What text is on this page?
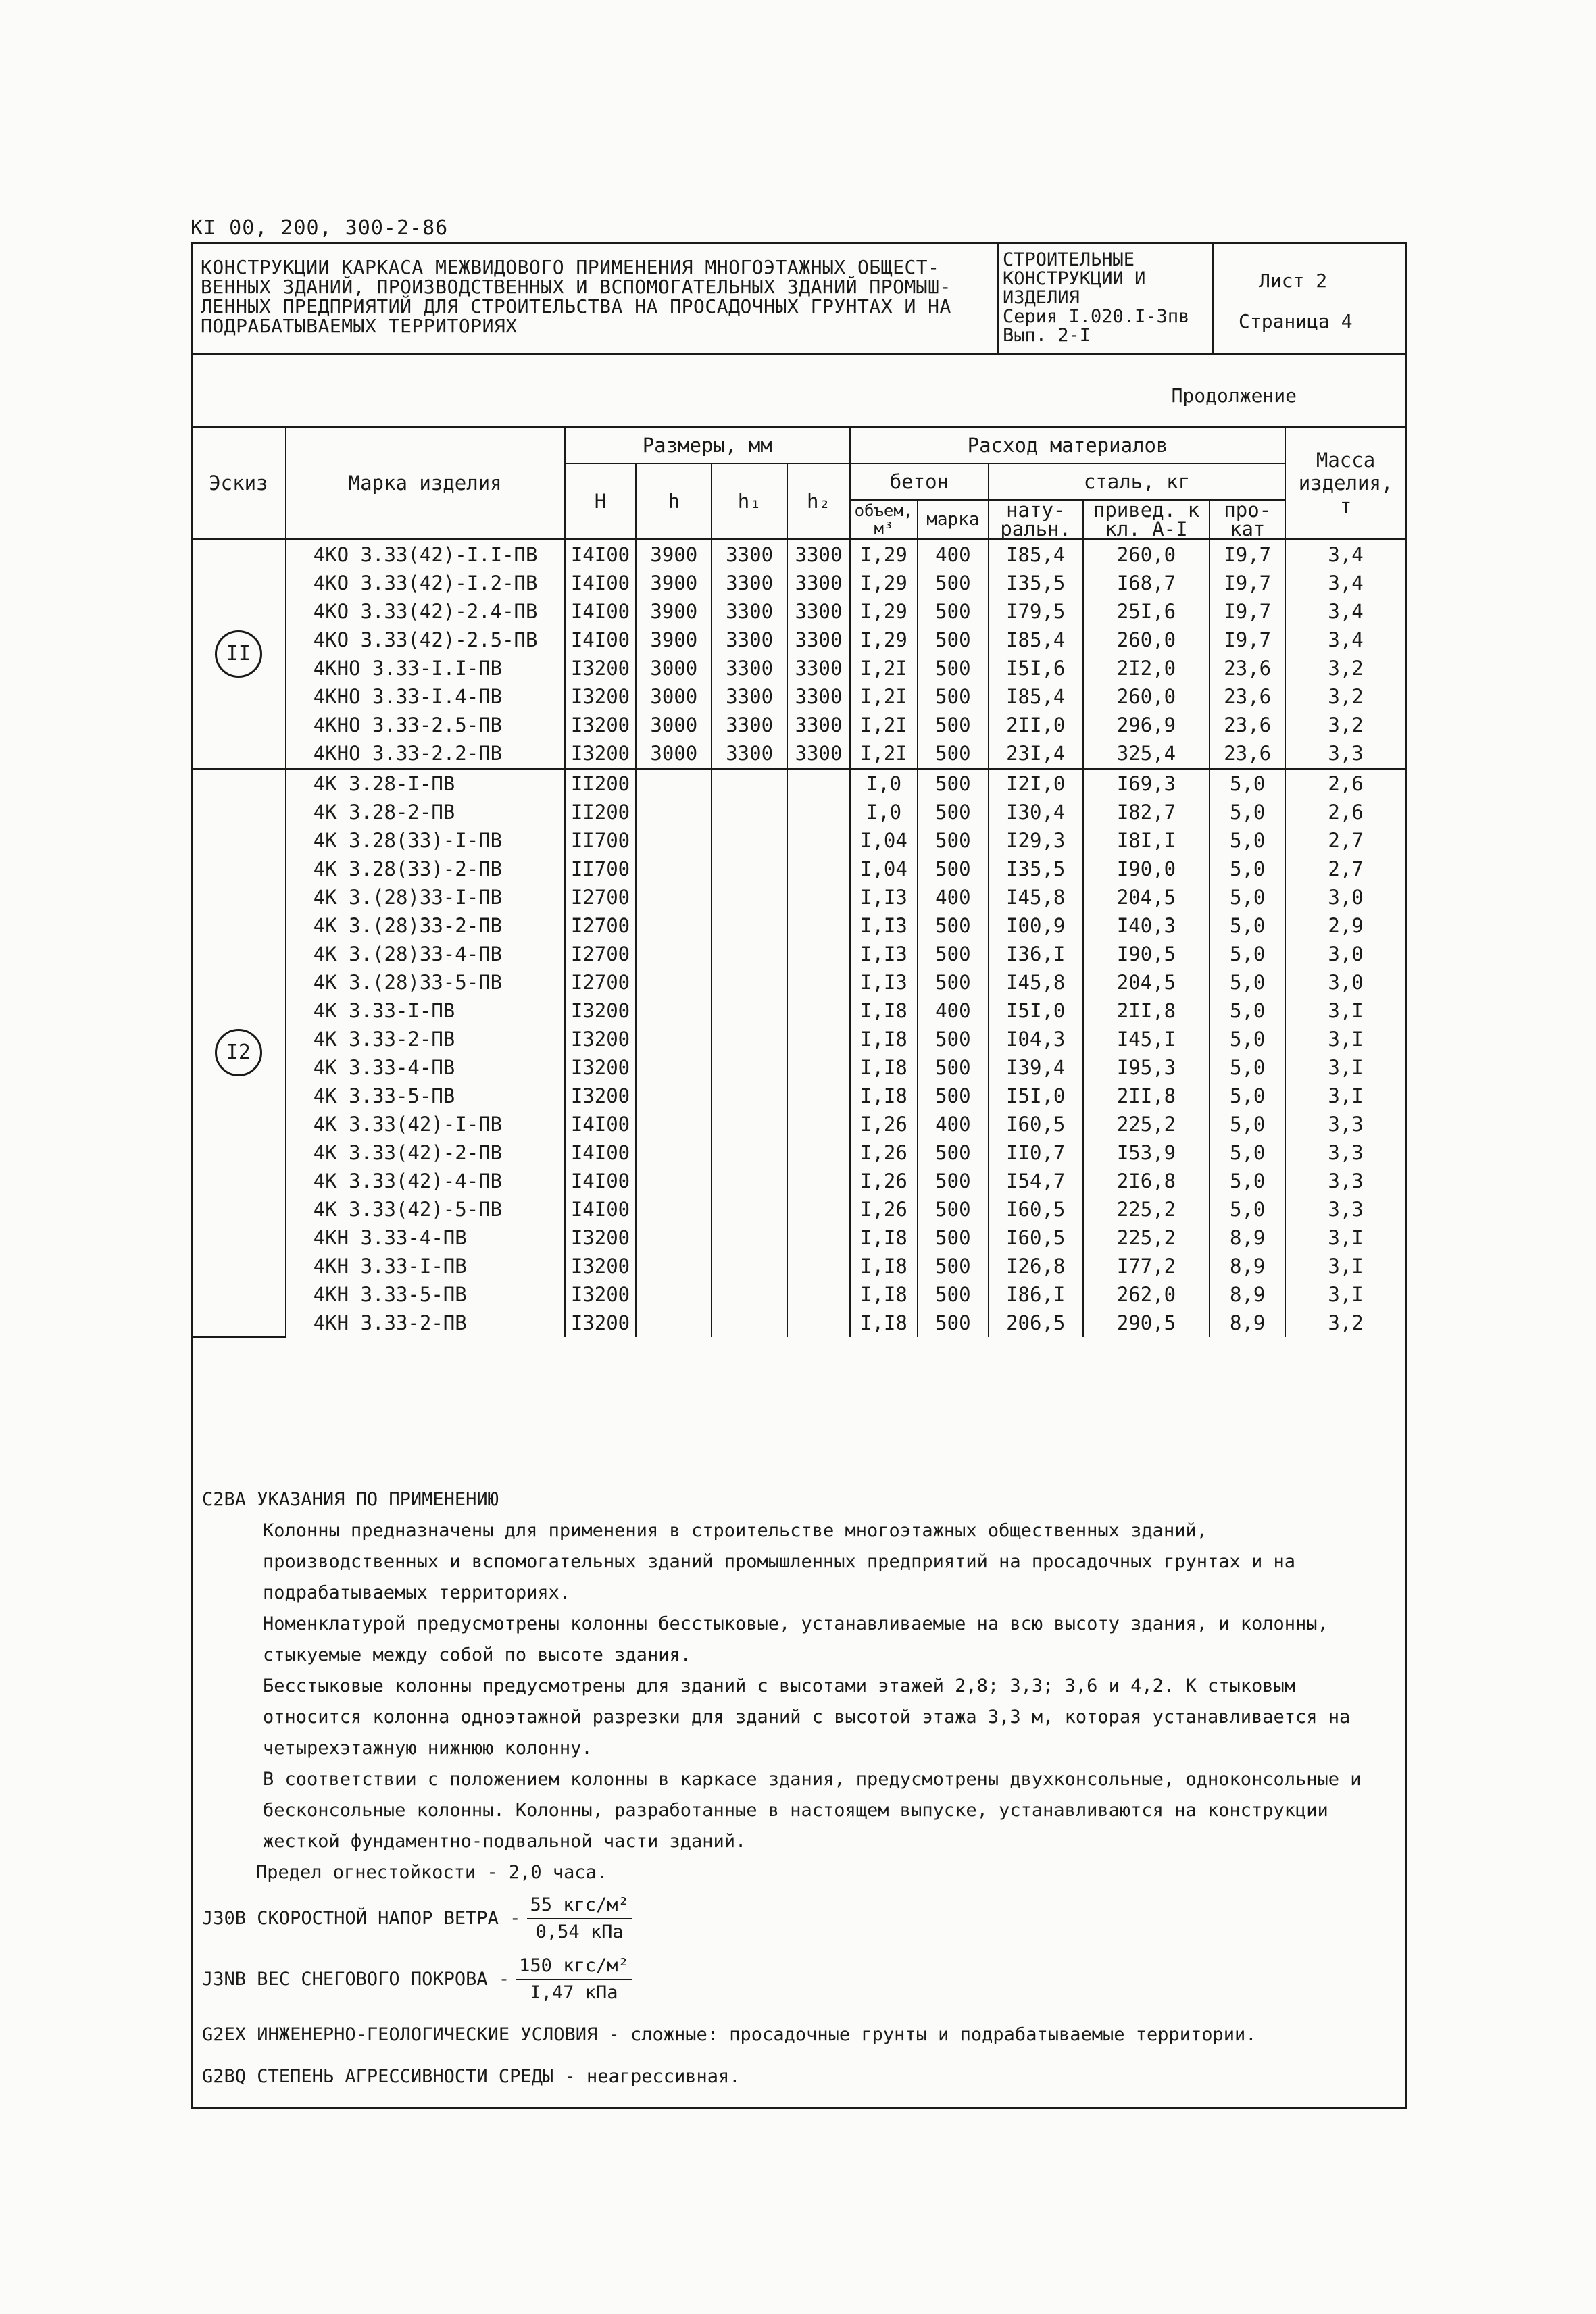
КI 00, 200, 300-2-86
КОНСТРУКЦИИ КАРКАСА МЕЖВИДОВОГО ПРИМЕНЕНИЯ МНОГОЭТАЖНЫХ ОБЩЕСТ-
ВЕННЫХ ЗДАНИЙ, ПРОИЗВОДСТВЕННЫХ И ВСПОМОГАТЕЛЬНЫХ ЗДАНИЙ ПРОМЫШ-
ЛЕННЫХ ПРЕДПРИЯТИЙ ДЛЯ СТРОИТЕЛЬСТВА НА ПРОСАДОЧНЫХ ГРУНТАХ И НА
ПОДРАБАТЫВАЕМЫХ ТЕРРИТОРИЯХ
СТРОИТЕЛЬНЫЕ
КОНСТРУКЦИИ И
ИЗДЕЛИЯ
Серия I.020.I-3пв
Вып. 2-I
Лист 2
Страница 4
Продолжение
Эскиз	Марка изделия	Размеры, мм				Расход материалов					Масса изделия, т
		H	h	h₁	h₂	бетон		сталь, кг			
						объем, м³	марка	нату- ральн.	привед. к кл. А-I	про- кат	
II	4КО 3.33(42)-I.I-ПВ	I4I00	3900	3300	3300	I,29	400	I85,4	260,0	I9,7	3,4
	4КО 3.33(42)-I.2-ПВ	I4I00	3900	3300	3300	I,29	500	I35,5	I68,7	I9,7	3,4
	4КО 3.33(42)-2.4-ПВ	I4I00	3900	3300	3300	I,29	500	I79,5	25I,6	I9,7	3,4
	4КО 3.33(42)-2.5-ПВ	I4I00	3900	3300	3300	I,29	500	I85,4	260,0	I9,7	3,4
	4КНО 3.33-I.I-ПВ	I3200	3000	3300	3300	I,2I	500	I5I,6	2I2,0	23,6	3,2
	4КНО 3.33-I.4-ПВ	I3200	3000	3300	3300	I,2I	500	I85,4	260,0	23,6	3,2
	4КНО 3.33-2.5-ПВ	I3200	3000	3300	3300	I,2I	500	2II,0	296,9	23,6	3,2
	4КНО 3.33-2.2-ПВ	I3200	3000	3300	3300	I,2I	500	23I,4	325,4	23,6	3,3
I2	4К 3.28-I-ПВ	II200				I,0	500	I2I,0	I69,3	5,0	2,6
	4К 3.28-2-ПВ	II200				I,0	500	I30,4	I82,7	5,0	2,6
	4К 3.28(33)-I-ПВ	II700				I,04	500	I29,3	I8I,I	5,0	2,7
	4К 3.28(33)-2-ПВ	II700				I,04	500	I35,5	I90,0	5,0	2,7
	4К 3.(28)33-I-ПВ	I2700				I,I3	400	I45,8	204,5	5,0	3,0
	4К 3.(28)33-2-ПВ	I2700				I,I3	500	I00,9	I40,3	5,0	2,9
	4К 3.(28)33-4-ПВ	I2700				I,I3	500	I36,I	I90,5	5,0	3,0
	4К 3.(28)33-5-ПВ	I2700				I,I3	500	I45,8	204,5	5,0	3,0
	4К 3.33-I-ПВ	I3200				I,I8	400	I5I,0	2II,8	5,0	3,I
	4К 3.33-2-ПВ	I3200				I,I8	500	I04,3	I45,I	5,0	3,I
	4К 3.33-4-ПВ	I3200				I,I8	500	I39,4	I95,3	5,0	3,I
	4К 3.33-5-ПВ	I3200				I,I8	500	I5I,0	2II,8	5,0	3,I
	4К 3.33(42)-I-ПВ	I4I00				I,26	400	I60,5	225,2	5,0	3,3
	4К 3.33(42)-2-ПВ	I4I00				I,26	500	II0,7	I53,9	5,0	3,3
	4К 3.33(42)-4-ПВ	I4I00				I,26	500	I54,7	2I6,8	5,0	3,3
	4К 3.33(42)-5-ПВ	I4I00				I,26	500	I60,5	225,2	5,0	3,3
	4КН 3.33-4-ПВ	I3200				I,I8	500	I60,5	225,2	8,9	3,I
	4КН 3.33-I-ПВ	I3200				I,I8	500	I26,8	I77,2	8,9	3,I
	4КН 3.33-5-ПВ	I3200				I,I8	500	I86,I	262,0	8,9	3,I
	4КН 3.33-2-ПВ	I3200				I,I8	500	206,5	290,5	8,9	3,2
C2BA УКАЗАНИЯ ПО ПРИМЕНЕНИЮ

Колонны предназначены для применения в строительстве многоэтажных общественных зданий, производственных и вспомогательных зданий промышленных предприятий на просадочных грунтах и на подрабатываемых территориях.

Номенклатурой предусмотрены колонны бесстыковые, устанавливаемые на всю высоту здания, и колонны, стыкуемые между собой по высоте здания.

Бесстыковые колонны предусмотрены для зданий с высотами этажей 2,8; 3,3; 3,6 и 4,2. К стыковым относится колонна одноэтажной разрезки для зданий с высотой этажа 3,3 м, которая устанавливается на четырехэтажную нижнюю колонну.

В соответствии с положением колонны в каркасе здания, предусмотрены двухконсольные, одноконсольные и бесконсольные колонны. Колонны, разработанные в настоящем выпуске, устанавливаются на конструкции жесткой фундаментно-подвальной части зданий.

Предел огнестойкости - 2,0 часа.

J30B
СКОРОСТНОЙ НАПОР ВЕТРА - $\frac{\text{55 кгс/м²}}{\text{0,54 кПа}}$
J3NB
ВЕС СНЕГОВОГО ПОКРОВА - $\frac{\text{150 кгс/м²}}{\text{I,47 кПа}}$
G2EX ИНЖЕНЕРНО-ГЕОЛОГИЧЕСКИЕ УСЛОВИЯ - сложные: просадочные грунты и подрабатываемые территории.
G2BQ СТЕПЕНЬ АГРЕССИВНОСТИ СРЕДЫ - неагрессивная.
